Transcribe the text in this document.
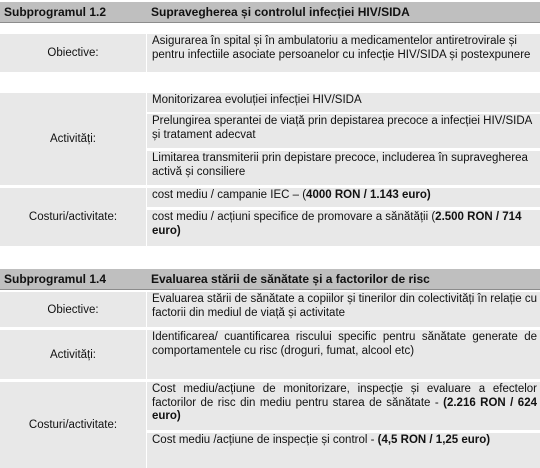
Subprogramul 1.2	Supravegherea și controlul infecției HIV/SIDA
Obiective:
Asigurarea în spital și în ambulatoriu a medicamentelor antiretrovirale și pentru infectiile asociate persoanelor cu infecție HIV/SIDA și postexpunere
Activități:
Monitorizarea evoluției infecției HIV/SIDA
Prelungirea sperantei de viață prin depistarea precoce a infecției HIV/SIDA și tratament adecvat
Limitarea transmiterii prin depistare precoce, includerea în supravegherea activă și consiliere
Costuri/activitate:
cost mediu / campanie IEC – (4000 RON / 1.143 euro)
cost mediu / acțiuni specifice de promovare a sănătății (2.500 RON / 714 euro)
Subprogramul 1.4	Evaluarea stării de sănătate și a factorilor de risc
Obiective:
Evaluarea stării de sănătate a copiilor și tinerilor din colectivități în relație cu factorii din mediul de viață și activitate
Activități:
Identificarea/ cuantificarea riscului specific pentru sănătate generate de comportamentele cu risc (droguri, fumat, alcool etc)
Costuri/activitate:
Cost mediu/acțiune de monitorizare, inspecție și evaluare a efectelor factorilor de risc din mediu pentru starea de sănătate - (2.216 RON / 624 euro)
Cost mediu /acțiune de inspecție și control - (4,5 RON / 1,25 euro)
